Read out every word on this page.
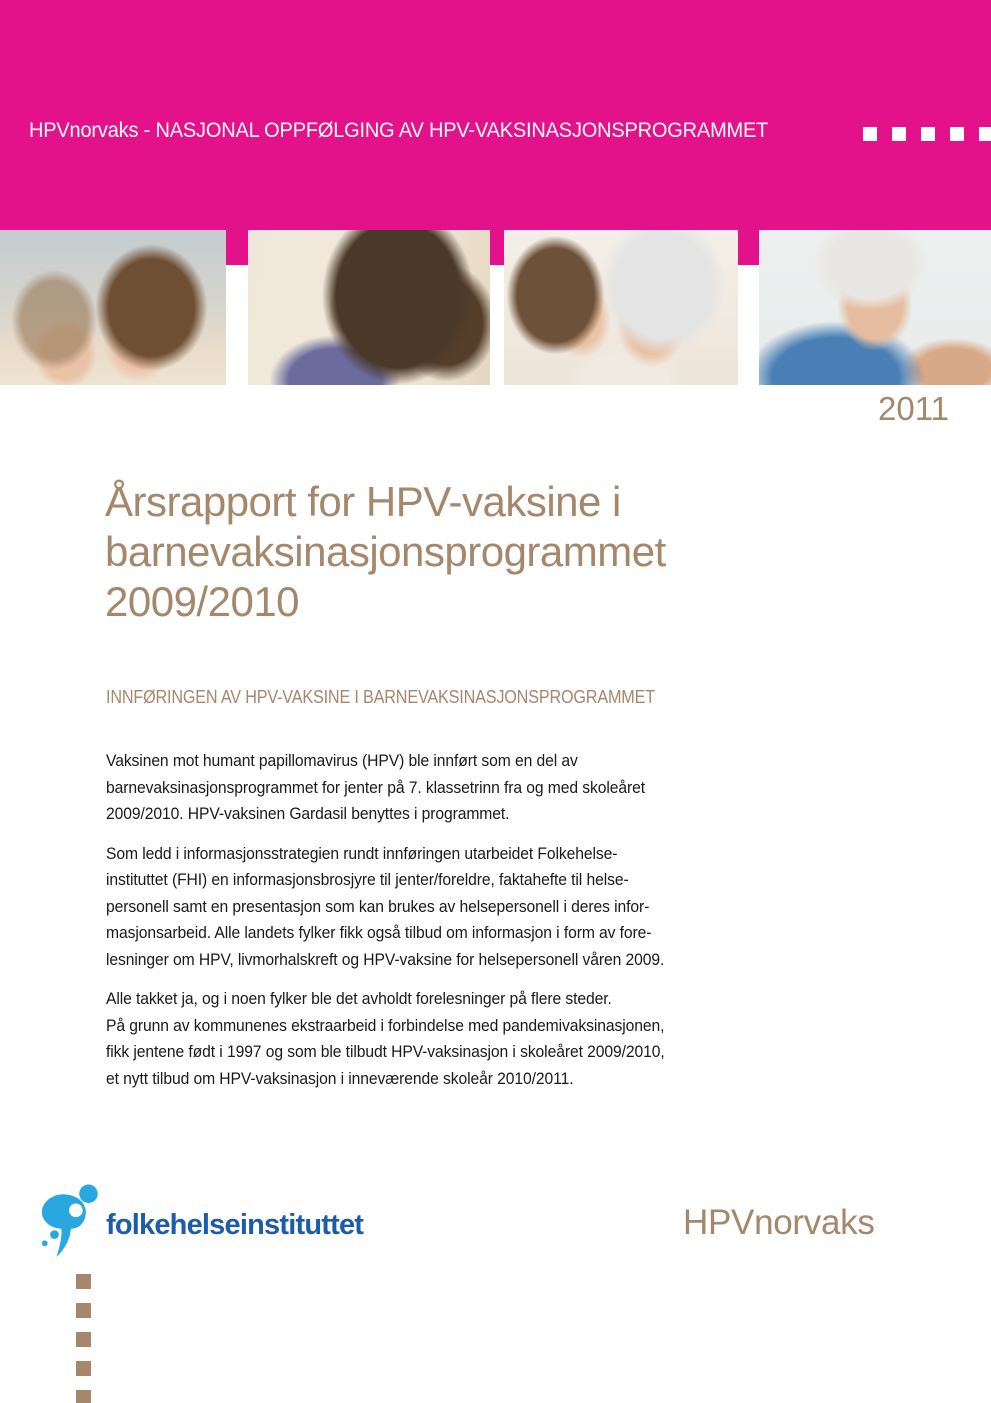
HPVnorvaks - NASJONAL OPPFØLGING AV HPV-VAKSINASJONSPROGRAMMET
2011
Årsrapport for HPV-vaksine i
barnevaksinasjonsprogrammet
2009/2010
INNFØRINGEN AV HPV-VAKSINE I BARNEVAKSINASJONSPROGRAMMET

Vaksinen mot humant papillomavirus (HPV) ble innført som en del av
barnevaksinasjonsprogrammet for jenter på 7. klassetrinn fra og med skoleåret
2009/2010. HPV-vaksinen Gardasil benyttes i programmet.

Som ledd i informasjonsstrategien rundt innføringen utarbeidet Folkehelse-
instituttet (FHI) en informasjonsbrosjyre til jenter/foreldre, faktahefte til helse-
personell samt en presentasjon som kan brukes av helsepersonell i deres infor-
masjonsarbeid. Alle landets fylker fikk også tilbud om informasjon i form av fore-
lesninger om HPV, livmorhalskreft og HPV-vaksine for helsepersonell våren 2009.

Alle takket ja, og i noen fylker ble det avholdt forelesninger på flere steder.
På grunn av kommunenes ekstraarbeid i forbindelse med pandemivaksinasjonen,
fikk jentene født i 1997 og som ble tilbudt HPV-vaksinasjon i skoleåret 2009/2010,
et nytt tilbud om HPV-vaksinasjon i inneværende skoleår 2010/2011.

folkehelseinstituttet	HPVnorvaks
